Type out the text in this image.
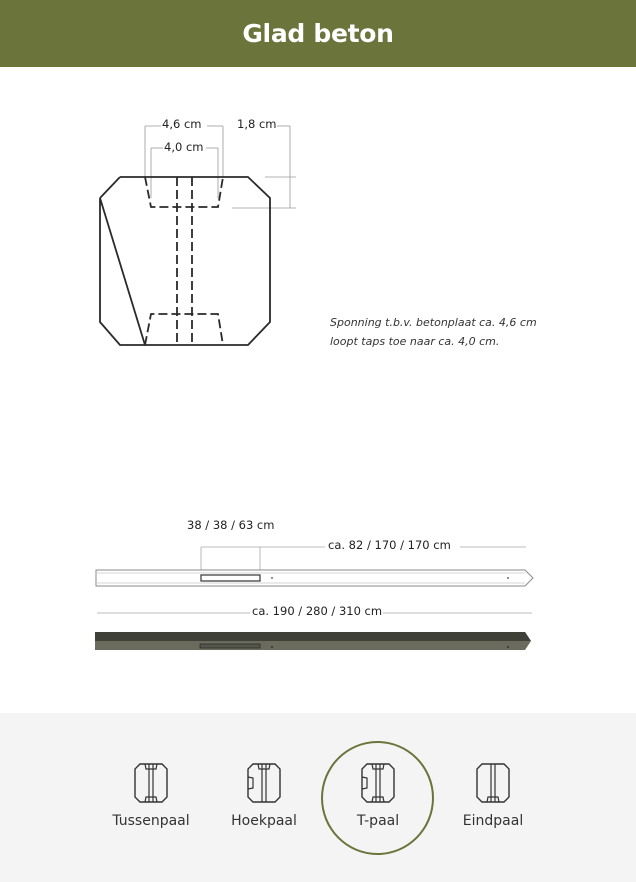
Glad beton
4,6 cm
4,0 cm
1,8 cm
Sponning t.b.v. betonplaat ca. 4,6 cm loopt taps toe naar ca. 4,0 cm.
38 / 38 / 63 cm
ca. 82 / 170 / 170 cm
ca. 190 / 280 / 310 cm
Tussenpaal	Hoekpaal	T-paal	Eindpaal
